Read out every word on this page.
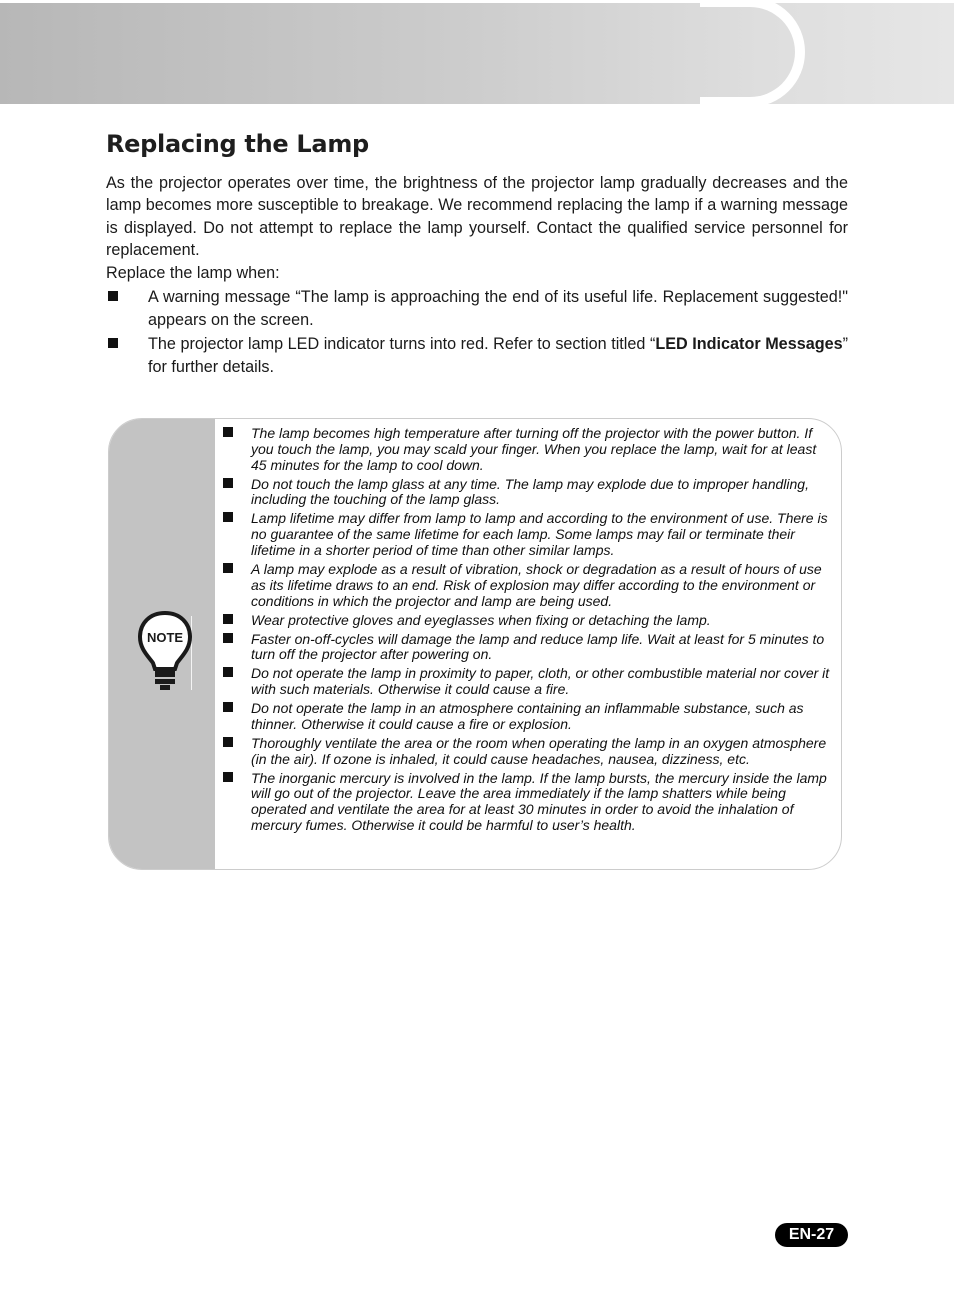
Replacing the Lamp

As the projector operates over time, the brightness of the projector lamp gradually decreases and the lamp becomes more susceptible to breakage. We recommend replacing the lamp if a warning message is displayed. Do not attempt to replace the lamp yourself. Contact the qualified service personnel for replacement.

Replace the lamp when:

A warning message “The lamp is approaching the end of its useful life. Replacement suggested!" appears on the screen.
The projector lamp LED indicator turns into red. Refer to section titled “LED Indicator Messages” for further details.
NOTE
The lamp becomes high temperature after turning off the projector with the power button. If you touch the lamp, you may scald your finger. When you replace the lamp, wait for at least 45 minutes for the lamp to cool down.
Do not touch the lamp glass at any time. The lamp may explode due to improper handling, including the touching of the lamp glass.
Lamp lifetime may differ from lamp to lamp and according to the environment of use. There is no guarantee of the same lifetime for each lamp. Some lamps may fail or terminate their lifetime in a shorter period of time than other similar lamps.
A lamp may explode as a result of vibration, shock or degradation as a result of hours of use as its lifetime draws to an end. Risk of explosion may differ according to the environment or conditions in which the projector and lamp are being used.
Wear protective gloves and eyeglasses when fixing or detaching the lamp.
Faster on-off-cycles will damage the lamp and reduce lamp life. Wait at least for 5 minutes to turn off the projector after powering on.
Do not operate the lamp in proximity to paper, cloth, or other combustible material nor cover it with such materials. Otherwise it could cause a fire.
Do not operate the lamp in an atmosphere containing an inflammable substance, such as thinner. Otherwise it could cause a fire or explosion.
Thoroughly ventilate the area or the room when operating the lamp in an oxygen atmosphere (in the air). If ozone is inhaled, it could cause headaches, nausea, dizziness, etc.
The inorganic mercury is involved in the lamp. If the lamp bursts, the mercury inside the lamp will go out of the projector. Leave the area immediately if the lamp shatters while being operated and ventilate the area for at least 30 minutes in order to avoid the inhalation of mercury fumes. Otherwise it could be harmful to user’s health.
EN-27
